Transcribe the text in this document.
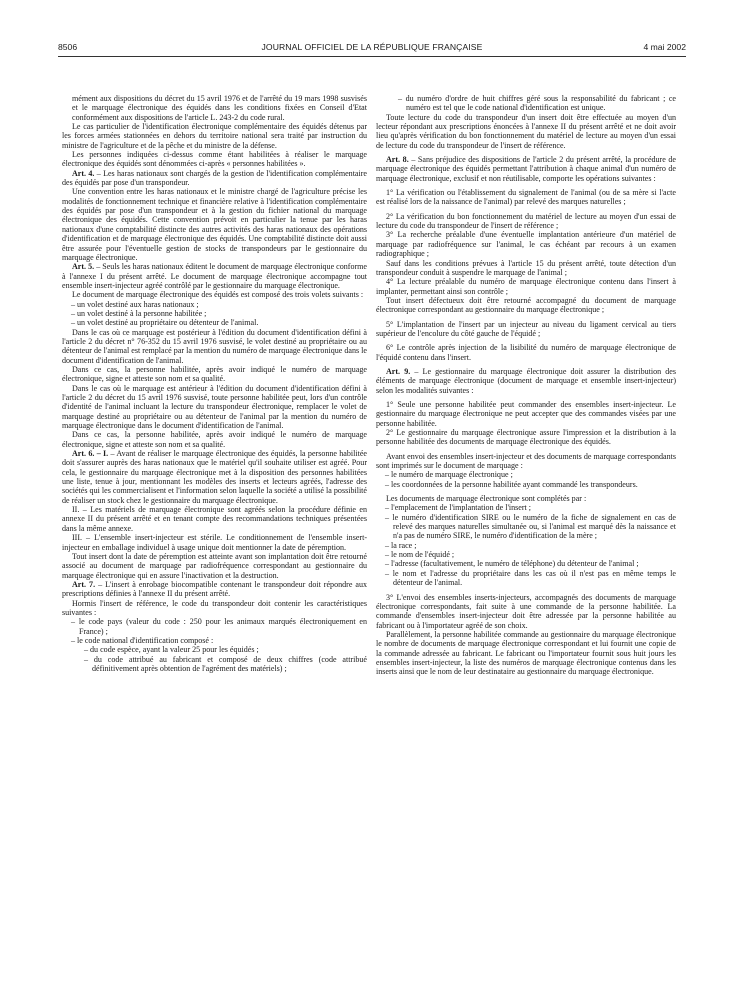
8506	JOURNAL OFFICIEL DE LA RÉPUBLIQUE FRANÇAISE	4 mai 2002

mément aux dispositions du décret du 15 avril 1976 et de l'arrêté du 19 mars 1998 susvisés et le marquage électronique des équidés dans les conditions fixées en Conseil d'Etat conformément aux dispositions de l'article L. 243-2 du code rural.

Le cas particulier de l'identification électronique complémentaire des équidés détenus par les forces armées stationnées en dehors du territoire national sera traité par instruction du ministre de l'agriculture et de la pêche et du ministre de la défense.

Les personnes indiquées ci-dessus comme étant habilitées à réaliser le marquage électronique des équidés sont dénommées ci-après « personnes habilitées ».

Art. 4. – Les haras nationaux sont chargés de la gestion de l'identification complémentaire des équidés par pose d'un transpondeur.

Une convention entre les haras nationaux et le ministre chargé de l'agriculture précise les modalités de fonctionnement technique et financière relative à l'identification complémentaire des équidés par pose d'un transpondeur et à la gestion du fichier national du marquage électronique des équidés. Cette convention prévoit en particulier la tenue par les haras nationaux d'une comptabilité distincte des autres activités des haras nationaux des opérations d'identification et de marquage électronique des équidés. Une comptabilité distincte doit aussi être assurée pour l'éventuelle gestion de stocks de transpondeurs par le gestionnaire du marquage électronique.

Art. 5. – Seuls les haras nationaux éditent le document de marquage électronique conforme à l'annexe I du présent arrêté. Le document de marquage électronique accompagne tout ensemble insert-injecteur agréé contrôlé par le gestionnaire du marquage électronique.

Le document de marquage électronique des équidés est composé des trois volets suivants :

– un volet destiné aux haras nationaux ;
– un volet destiné à la personne habilitée ;
– un volet destiné au propriétaire ou détenteur de l'animal.

Dans le cas où ce marquage est postérieur à l'édition du document d'identification défini à l'article 2 du décret n° 76-352 du 15 avril 1976 susvisé, le volet destiné au propriétaire ou au détenteur de l'animal est remplacé par la mention du numéro de marquage électronique dans le document d'identification de l'animal.

Dans ce cas, la personne habilitée, après avoir indiqué le numéro de marquage électronique, signe et atteste son nom et sa qualité.

Dans le cas où le marquage est antérieur à l'édition du document d'identification défini à l'article 2 du décret du 15 avril 1976 susvisé, toute personne habilitée peut, lors d'un contrôle d'identité de l'animal incluant la lecture du transpondeur électronique, remplacer le volet de marquage destiné au propriétaire ou au détenteur de l'animal par la mention du numéro de marquage électronique dans le document d'identification de l'animal.

Dans ce cas, la personne habilitée, après avoir indiqué le numéro de marquage électronique, signe et atteste son nom et sa qualité.

Art. 6. – I. – Avant de réaliser le marquage électronique des équidés, la personne habilitée doit s'assurer auprès des haras nationaux que le matériel qu'il souhaite utiliser est agréé. Pour cela, le gestionnaire du marquage électronique met à la disposition des personnes habilitées une liste, tenue à jour, mentionnant les modèles des inserts et lecteurs agréés, l'adresse des sociétés qui les commercialisent et l'information selon laquelle la société a utilisé la possibilité de réaliser un stock chez le gestionnaire du marquage électronique.

II. – Les matériels de marquage électronique sont agréés selon la procédure définie en annexe II du présent arrêté et en tenant compte des recommandations techniques présentées dans la même annexe.

III. – L'ensemble insert-injecteur est stérile. Le conditionnement de l'ensemble insert-injecteur en emballage individuel à usage unique doit mentionner la date de péremption.

Tout insert dont la date de péremption est atteinte avant son implantation doit être retourné associé au document de marquage par radiofréquence correspondant au gestionnaire du marquage électronique qui en assure l'inactivation et la destruction.

Art. 7. – L'insert à enrobage biocompatible contenant le transpondeur doit répondre aux prescriptions définies à l'annexe II du présent arrêté.

Hormis l'insert de référence, le code du transpondeur doit contenir les caractéristiques suivantes :

– le code pays (valeur du code : 250 pour les animaux marqués électroniquement en France) ;
– le code national d'identification composé :
– du code espèce, ayant la valeur 25 pour les équidés ;
– du code attribué au fabricant et composé de deux chiffres (code attribué définitivement après obtention de l'agrément des matériels) ;
– du numéro d'ordre de huit chiffres géré sous la responsabilité du fabricant ; ce numéro est tel que le code national d'identification est unique.

Toute lecture du code du transpondeur d'un insert doit être effectuée au moyen d'un lecteur répondant aux prescriptions énoncées à l'annexe II du présent arrêté et ne doit avoir lieu qu'après vérification du bon fonctionnement du matériel de lecture au moyen d'un essai de lecture du code du transpondeur de l'insert de référence.

Art. 8. – Sans préjudice des dispositions de l'article 2 du présent arrêté, la procédure de marquage électronique des équidés permettant l'attribution à chaque animal d'un numéro de marquage électronique, exclusif et non réutilisable, comporte les opérations suivantes :

1° La vérification ou l'établissement du signalement de l'animal (ou de sa mère si l'acte est réalisé lors de la naissance de l'animal) par relevé des marques naturelles ;

2° La vérification du bon fonctionnement du matériel de lecture au moyen d'un essai de lecture du code du transpondeur de l'insert de référence ;

3° La recherche préalable d'une éventuelle implantation antérieure d'un matériel de marquage par radiofréquence sur l'animal, le cas échéant par recours à un examen radiographique ;

Sauf dans les conditions prévues à l'article 15 du présent arrêté, toute détection d'un transpondeur conduit à suspendre le marquage de l'animal ;

4° La lecture préalable du numéro de marquage électronique contenu dans l'insert à implanter, permettant ainsi son contrôle ;

Tout insert défectueux doit être retourné accompagné du document de marquage électronique correspondant au gestionnaire du marquage électronique ;

5° L'implantation de l'insert par un injecteur au niveau du ligament cervical au tiers supérieur de l'encolure du côté gauche de l'équidé ;

6° Le contrôle après injection de la lisibilité du numéro de marquage électronique de l'équidé contenu dans l'insert.

Art. 9. – Le gestionnaire du marquage électronique doit assurer la distribution des éléments de marquage électronique (document de marquage et ensemble insert-injecteur) selon les modalités suivantes :

1° Seule une personne habilitée peut commander des ensembles insert-injecteur. Le gestionnaire du marquage électronique ne peut accepter que des commandes visées par une personne habilitée.

2° Le gestionnaire du marquage électronique assure l'impression et la distribution à la personne habilitée des documents de marquage électronique des équidés.

Avant envoi des ensembles insert-injecteur et des documents de marquage correspondants sont imprimés sur le document de marquage :

– le numéro de marquage électronique ;
– les coordonnées de la personne habilitée ayant commandé les transpondeurs.

Les documents de marquage électronique sont complétés par :

– l'emplacement de l'implantation de l'insert ;
– le numéro d'identification SIRE ou le numéro de la fiche de signalement en cas de relevé des marques naturelles simultanée ou, si l'animal est marqué dès la naissance et n'a pas de numéro SIRE, le numéro d'identification de la mère ;
– la race ;
– le nom de l'équidé ;
– l'adresse (facultativement, le numéro de téléphone) du détenteur de l'animal ;
– le nom et l'adresse du propriétaire dans les cas où il n'est pas en même temps le détenteur de l'animal.

3° L'envoi des ensembles inserts-injecteurs, accompagnés des documents de marquage électronique correspondants, fait suite à une commande de la personne habilitée. La commande d'ensembles insert-injecteur doit être adressée par la personne habilitée au fabricant ou à l'importateur agréé de son choix.

Parallèlement, la personne habilitée commande au gestionnaire du marquage électronique le nombre de documents de marquage électronique correspondant et lui fournit une copie de la commande adressée au fabricant. Le fabricant ou l'importateur fournit sous huit jours les ensembles insert-injecteur, la liste des numéros de marquage électronique contenus dans les inserts ainsi que le nom de leur destinataire au gestionnaire du marquage électronique.
